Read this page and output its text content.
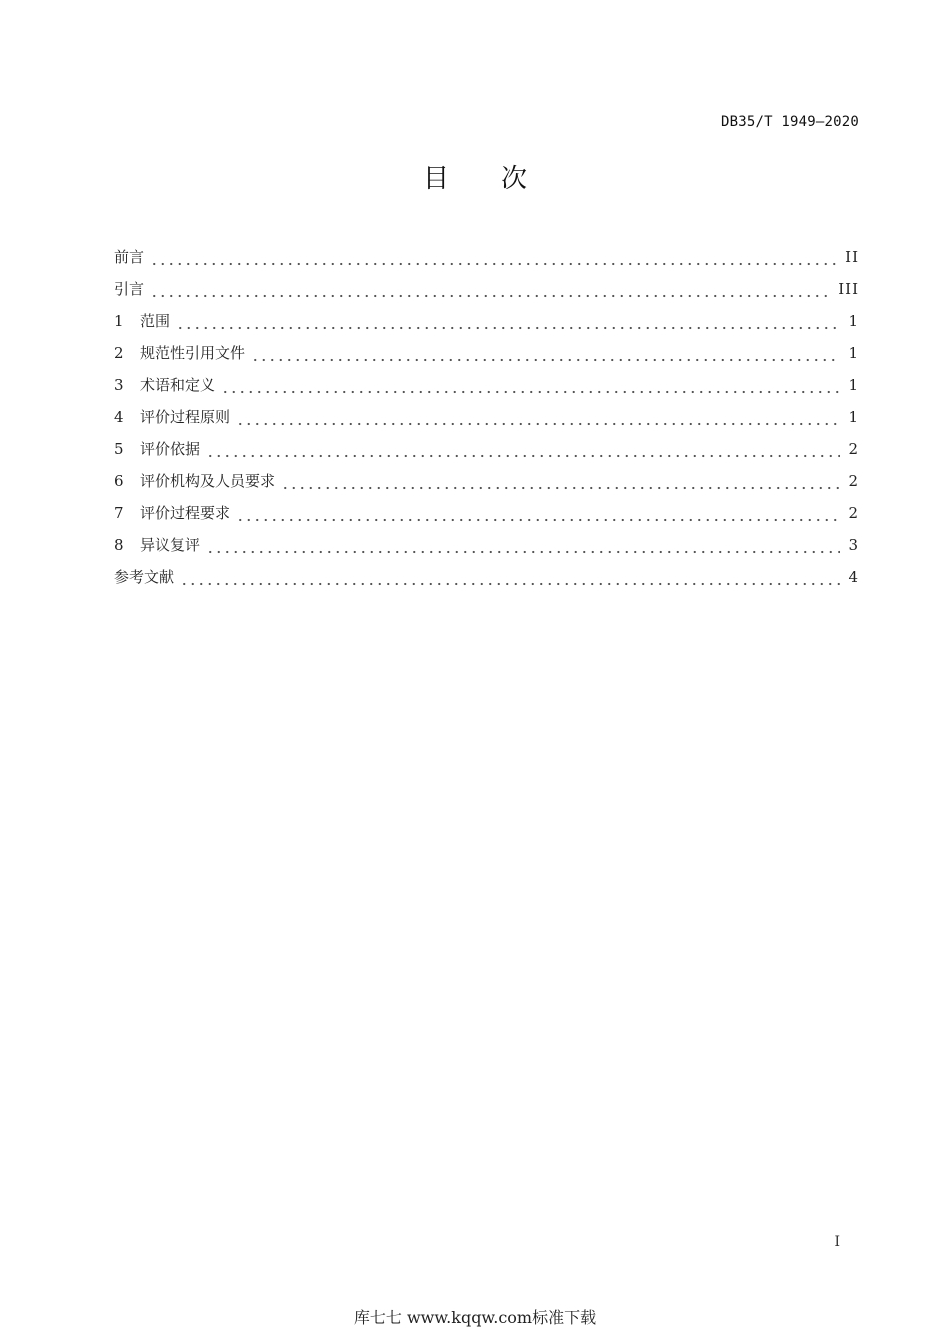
DB35/T 1949—2020
目次
前言	II
引言	III
1	范围	1
2	规范性引用文件	1
3	术语和定义	1
4	评价过程原则	1
5	评价依据	2
6	评价机构及人员要求	2
7	评价过程要求	2
8	异议复评	3
参考文献	4
I
库七七 www.kqqw.com标准下载
